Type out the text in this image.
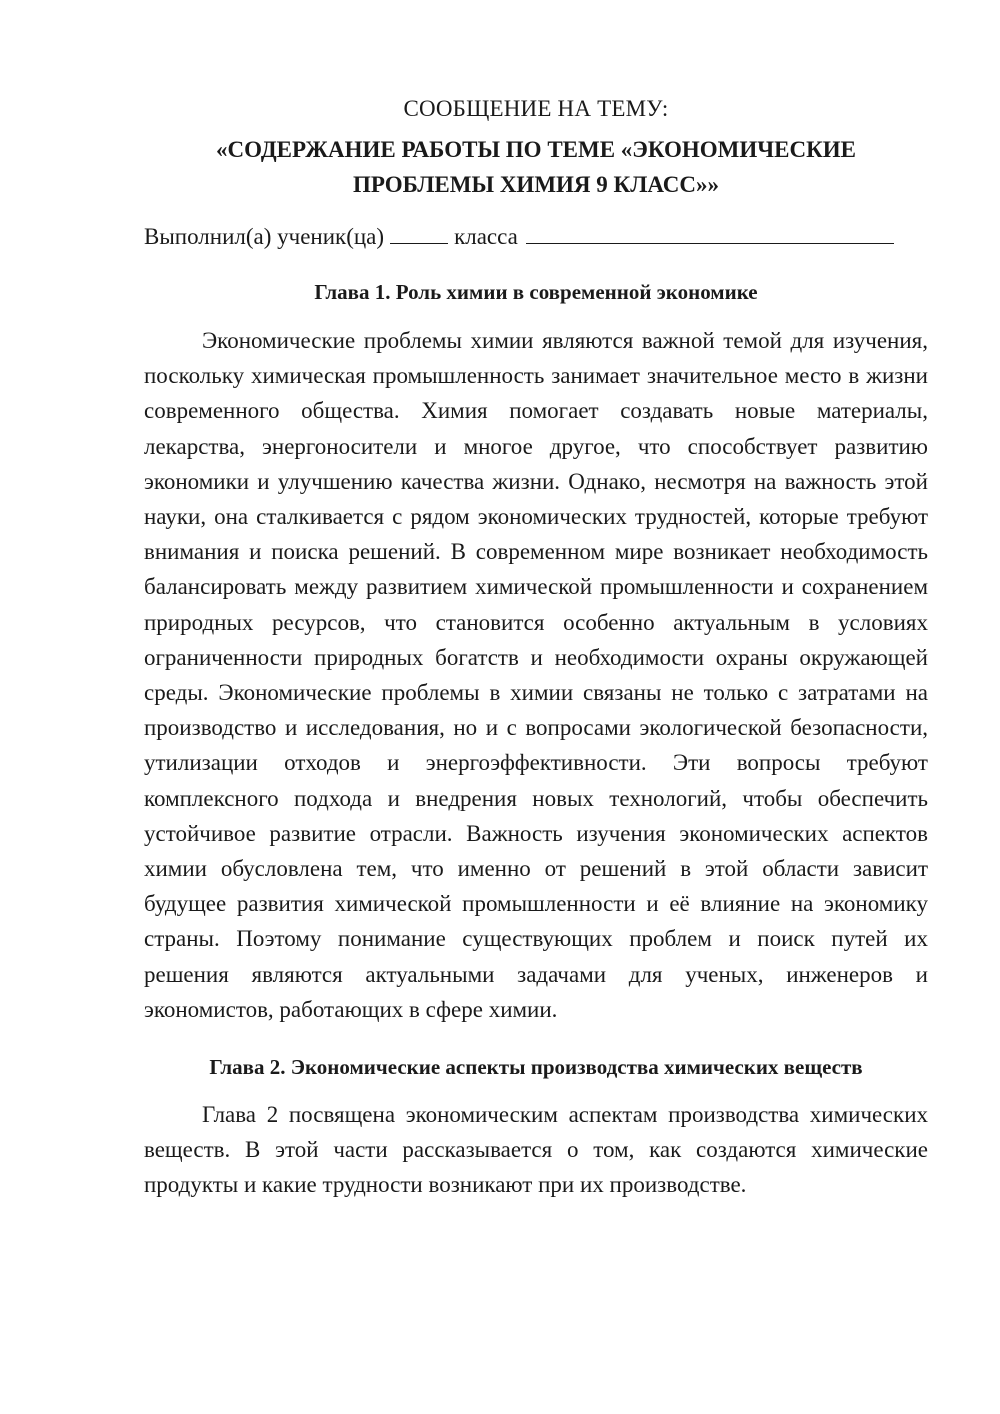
СООБЩЕНИЕ НА ТЕМУ:

«СОДЕРЖАНИЕ РАБОТЫ ПО ТЕМЕ «ЭКОНОМИЧЕСКИЕ
ПРОБЛЕМЫ ХИМИЯ 9 КЛАСС»»

Выполнил(а) ученик(ца)	класса

Глава 1. Роль химии в современной экономике

Экономические проблемы химии являются важной темой для изучения, поскольку химическая промышленность занимает значительное место в жизни современного общества. Химия помогает создавать новые материалы, лекарства, энергоносители и многое другое, что способствует развитию экономики и улучшению качества жизни. Однако, несмотря на важность этой науки, она сталкивается с рядом экономических трудностей, которые требуют внимания и поиска решений. В современном мире возникает необходимость балансировать между развитием химической промышленности и сохранением природных ресурсов, что становится особенно актуальным в условиях ограниченности природных богатств и необходимости охраны окружающей среды. Экономические проблемы в химии связаны не только с затратами на производство и исследования, но и с вопросами экологической безопасности, утилизации отходов и энергоэффективности. Эти вопросы требуют комплексного подхода и внедрения новых технологий, чтобы обеспечить устойчивое развитие отрасли. Важность изучения экономических аспектов химии обусловлена тем, что именно от решений в этой области зависит будущее развития химической промышленности и её влияние на экономику страны. Поэтому понимание существующих проблем и поиск путей их решения являются актуальными задачами для ученых, инженеров и экономистов, работающих в сфере химии.

Глава 2. Экономические аспекты производства химических веществ

Глава 2 посвящена экономическим аспектам производства химических веществ. В этой части рассказывается о том, как создаются химические продукты и какие трудности возникают при их производстве.
